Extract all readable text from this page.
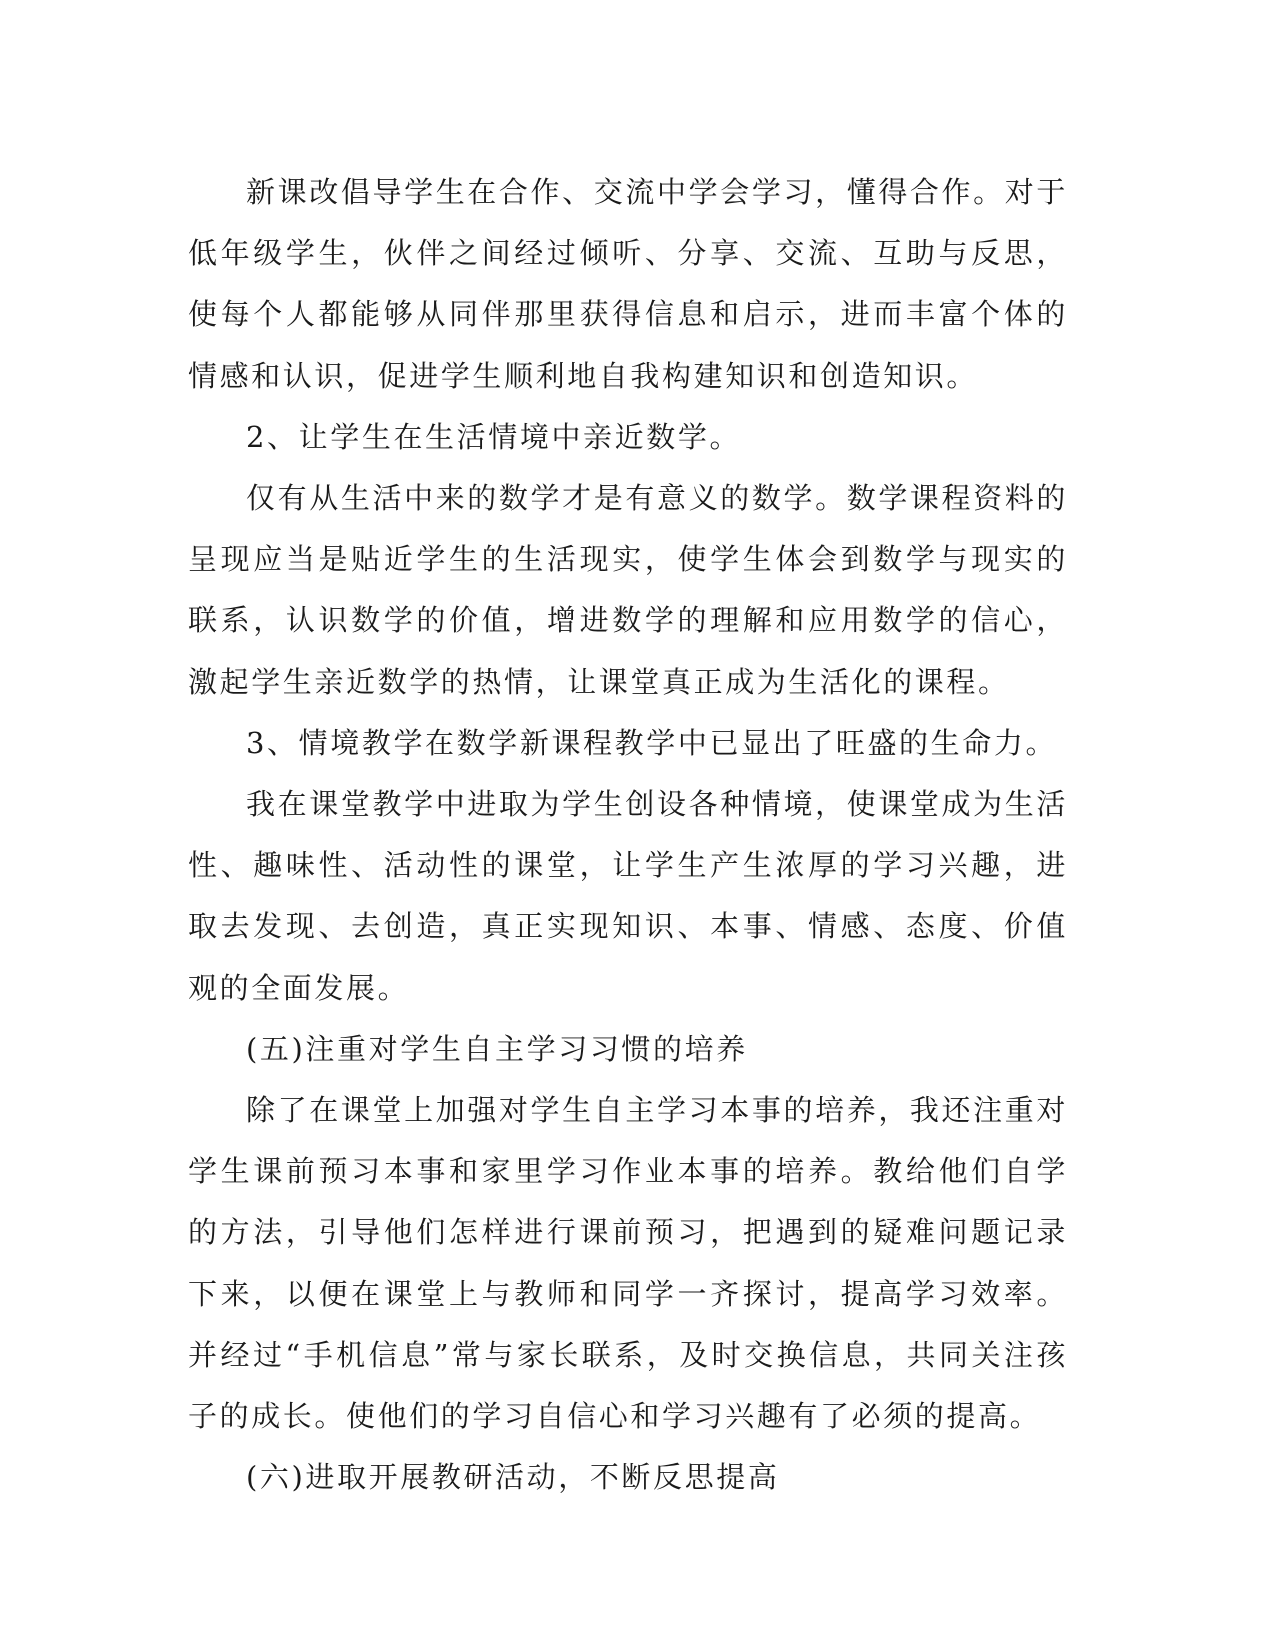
新课改倡导学生在合作、交流中学会学习，懂得合作。对于低年级学生，伙伴之间经过倾听、分享、交流、互助与反思，使每个人都能够从同伴那里获得信息和启示，进而丰富个体的情感和认识，促进学生顺利地自我构建知识和创造知识。

2、让学生在生活情境中亲近数学。

仅有从生活中来的数学才是有意义的数学。数学课程资料的呈现应当是贴近学生的生活现实，使学生体会到数学与现实的联系，认识数学的价值，增进数学的理解和应用数学的信心，激起学生亲近数学的热情，让课堂真正成为生活化的课程。

3、情境教学在数学新课程教学中已显出了旺盛的生命力。

我在课堂教学中进取为学生创设各种情境，使课堂成为生活性、趣味性、活动性的课堂，让学生产生浓厚的学习兴趣，进取去发现、去创造，真正实现知识、本事、情感、态度、价值观的全面发展。

(五)注重对学生自主学习习惯的培养

除了在课堂上加强对学生自主学习本事的培养，我还注重对学生课前预习本事和家里学习作业本事的培养。教给他们自学的方法，引导他们怎样进行课前预习，把遇到的疑难问题记录下来，以便在课堂上与教师和同学一齐探讨，提高学习效率。并经过“手机信息”常与家长联系，及时交换信息，共同关注孩子的成长。使他们的学习自信心和学习兴趣有了必须的提高。

(六)进取开展教研活动，不断反思提高
